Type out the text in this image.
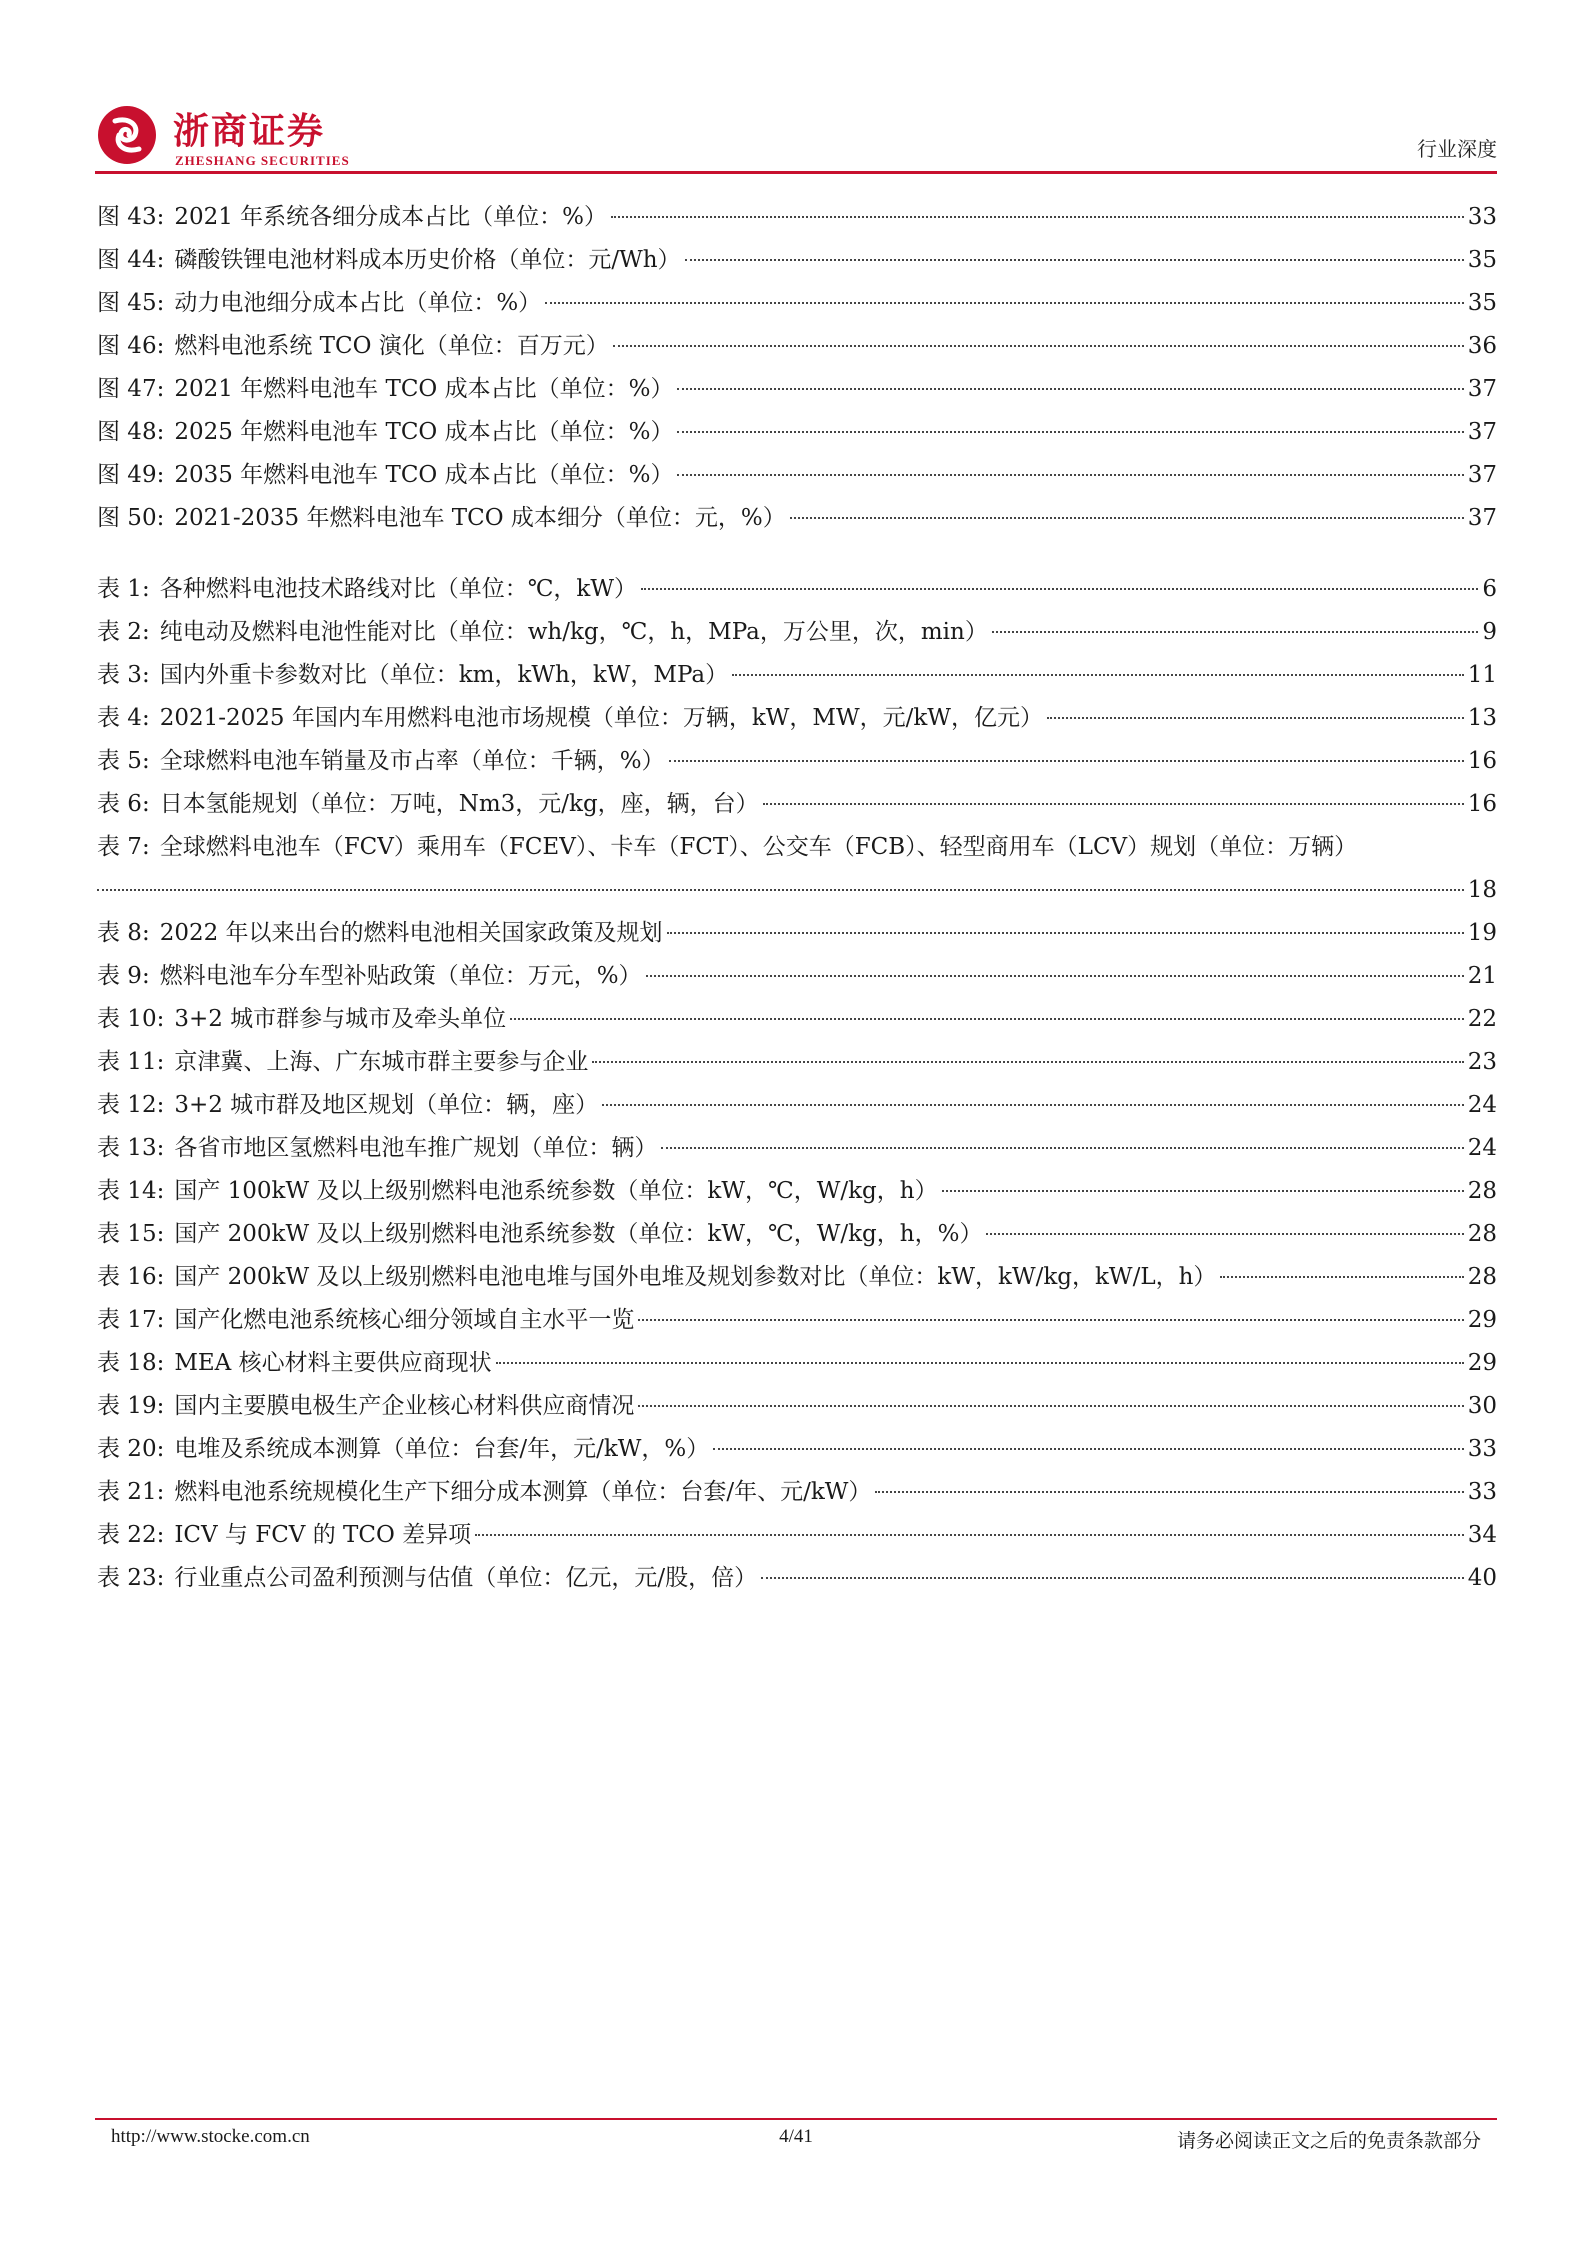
浙商证券
ZHESHANG SECURITIES	行业深度
图 43: 2021 年系统各细分成本占比（单位：%）	33
图 44: 磷酸铁锂电池材料成本历史价格（单位：元/Wh）	35
图 45: 动力电池细分成本占比（单位：%）	35
图 46: 燃料电池系统 TCO 演化（单位：百万元）	36
图 47: 2021 年燃料电池车 TCO 成本占比（单位：%）	37
图 48: 2025 年燃料电池车 TCO 成本占比（单位：%）	37
图 49: 2035 年燃料电池车 TCO 成本占比（单位：%）	37
图 50: 2021-2035 年燃料电池车 TCO 成本细分（单位：元，%）	37
表 1: 各种燃料电池技术路线对比（单位：℃，kW）	6
表 2: 纯电动及燃料电池性能对比（单位：wh/kg，℃，h，MPa，万公里，次，min）	9
表 3: 国内外重卡参数对比（单位：km，kWh，kW，MPa）	11
表 4: 2021-2025 年国内车用燃料电池市场规模（单位：万辆，kW，MW，元/kW，亿元）	13
表 5: 全球燃料电池车销量及市占率（单位：千辆，%）	16
表 6: 日本氢能规划（单位：万吨，Nm3，元/kg，座，辆，台）	16
表 7: 全球燃料电池车（FCV）乘用车（FCEV）、卡车（FCT）、公交车（FCB）、轻型商用车（LCV）规划（单位：万辆）
18
表 8: 2022 年以来出台的燃料电池相关国家政策及规划	19
表 9: 燃料电池车分车型补贴政策（单位：万元，%）	21
表 10: 3+2 城市群参与城市及牵头单位	22
表 11: 京津冀、上海、广东城市群主要参与企业	23
表 12: 3+2 城市群及地区规划（单位：辆，座）	24
表 13: 各省市地区氢燃料电池车推广规划（单位：辆）	24
表 14: 国产 100kW 及以上级别燃料电池系统参数（单位：kW，℃，W/kg，h）	28
表 15: 国产 200kW 及以上级别燃料电池系统参数（单位：kW，℃，W/kg，h，%）	28
表 16: 国产 200kW 及以上级别燃料电池电堆与国外电堆及规划参数对比（单位：kW，kW/kg，kW/L，h）	28
表 17: 国产化燃电池系统核心细分领域自主水平一览	29
表 18: MEA 核心材料主要供应商现状	29
表 19: 国内主要膜电极生产企业核心材料供应商情况	30
表 20: 电堆及系统成本测算（单位：台套/年，元/kW，%）	33
表 21: 燃料电池系统规模化生产下细分成本测算（单位：台套/年、元/kW）	33
表 22: ICV 与 FCV 的 TCO 差异项	34
表 23: 行业重点公司盈利预测与估值（单位：亿元，元/股，倍）	40
http://www.stocke.com.cn	4/41	请务必阅读正文之后的免责条款部分
